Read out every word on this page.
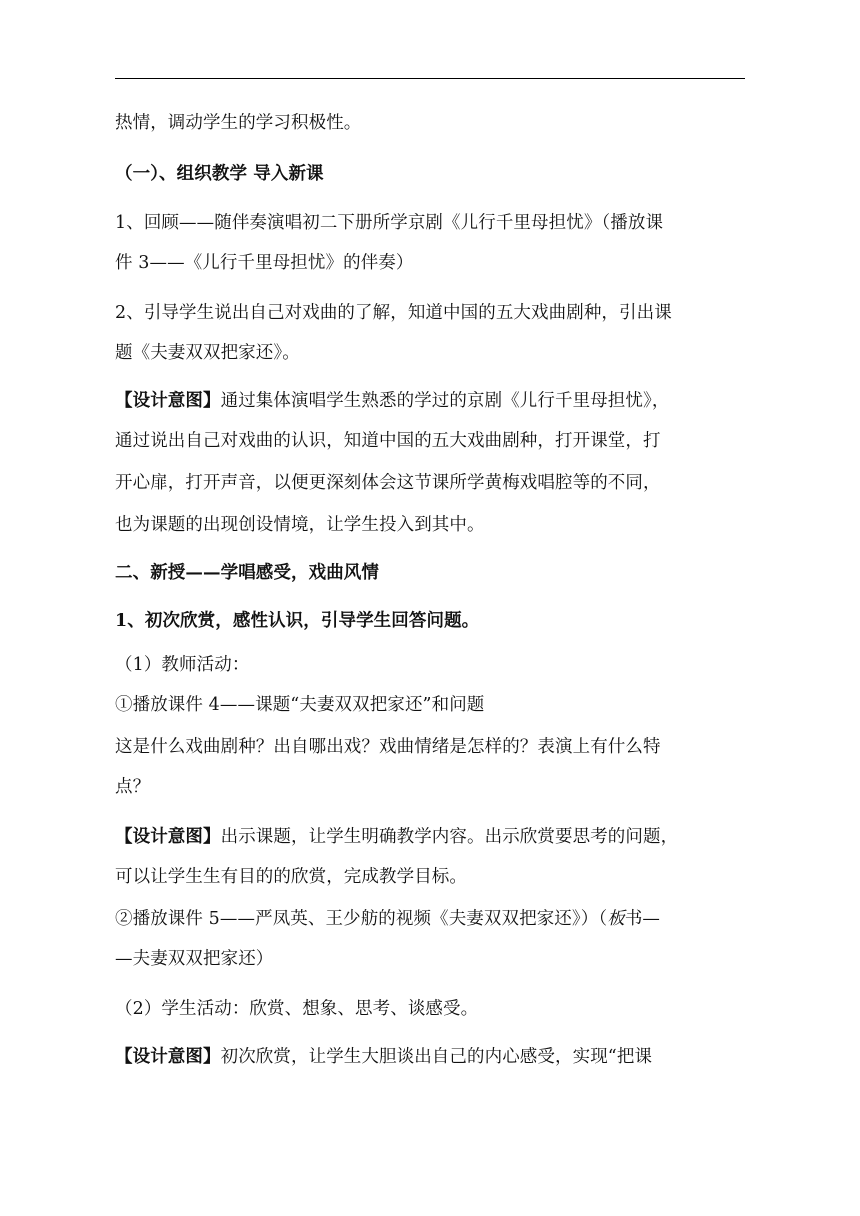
热情，调动学生的学习积极性。
（一）、组织教学 导入新课
1、回顾——随伴奏演唱初二下册所学京剧《儿行千里母担忧》（播放课
件 3——《儿行千里母担忧》的伴奏）
2、引导学生说出自己对戏曲的了解，知道中国的五大戏曲剧种，引出课
题《夫妻双双把家还》。
【设计意图】通过集体演唱学生熟悉的学过的京剧《儿行千里母担忧》，
通过说出自己对戏曲的认识，知道中国的五大戏曲剧种，打开课堂，打
开心扉，打开声音，以便更深刻体会这节课所学黄梅戏唱腔等的不同，
也为课题的出现创设情境，让学生投入到其中。
二、新授——学唱感受，戏曲风情
1、初次欣赏，感性认识，引导学生回答问题。
（1）教师活动：
①播放课件 4——课题“夫妻双双把家还”和问题
这是什么戏曲剧种？出自哪出戏？戏曲情绪是怎样的？表演上有什么特
点？
【设计意图】出示课题，让学生明确教学内容。出示欣赏要思考的问题，
可以让学生生有目的的欣赏，完成教学目标。
②播放课件 5——严凤英、王少舫的视频《夫妻双双把家还》）（板书—
—夫妻双双把家还）
（2）学生活动：欣赏、想象、思考、谈感受。
【设计意图】初次欣赏，让学生大胆谈出自己的内心感受，实现“把课
